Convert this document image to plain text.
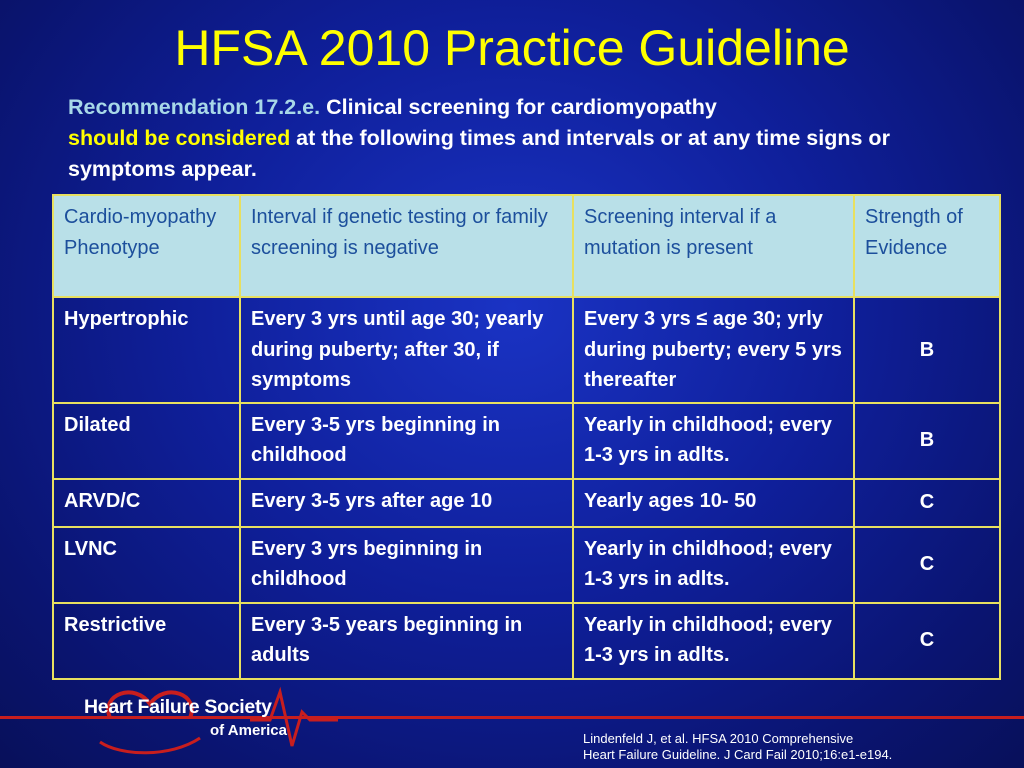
HFSA 2010 Practice Guideline
Recommendation 17.2.e. Clinical screening for cardiomyopathy
should be considered at the following times and intervals or at any time signs or symptoms appear.
Cardio-myopathy Phenotype	Interval if genetic testing or family screening is negative	Screening interval if a mutation is present	Strength of Evidence
Hypertrophic	Every 3 yrs until age 30; yearly during puberty; after 30, if symptoms	Every 3 yrs ≤ age 30; yrly during puberty; every 5 yrs thereafter	B
Dilated	Every 3-5 yrs beginning in childhood	Yearly in childhood; every 1-3 yrs in adlts.	B
ARVD/C	Every 3-5 yrs after age 10	Yearly ages 10- 50	C
LVNC	Every 3 yrs beginning in childhood	Yearly in childhood; every 1-3 yrs in adlts.	C
Restrictive	Every 3-5 years beginning in adults	Yearly in childhood; every 1-3 yrs in adlts.	C
Heart Failure Society
of America	Lindenfeld J, et al. HFSA 2010 Comprehensive
Heart Failure Guideline. J Card Fail 2010;16:e1-e194.
